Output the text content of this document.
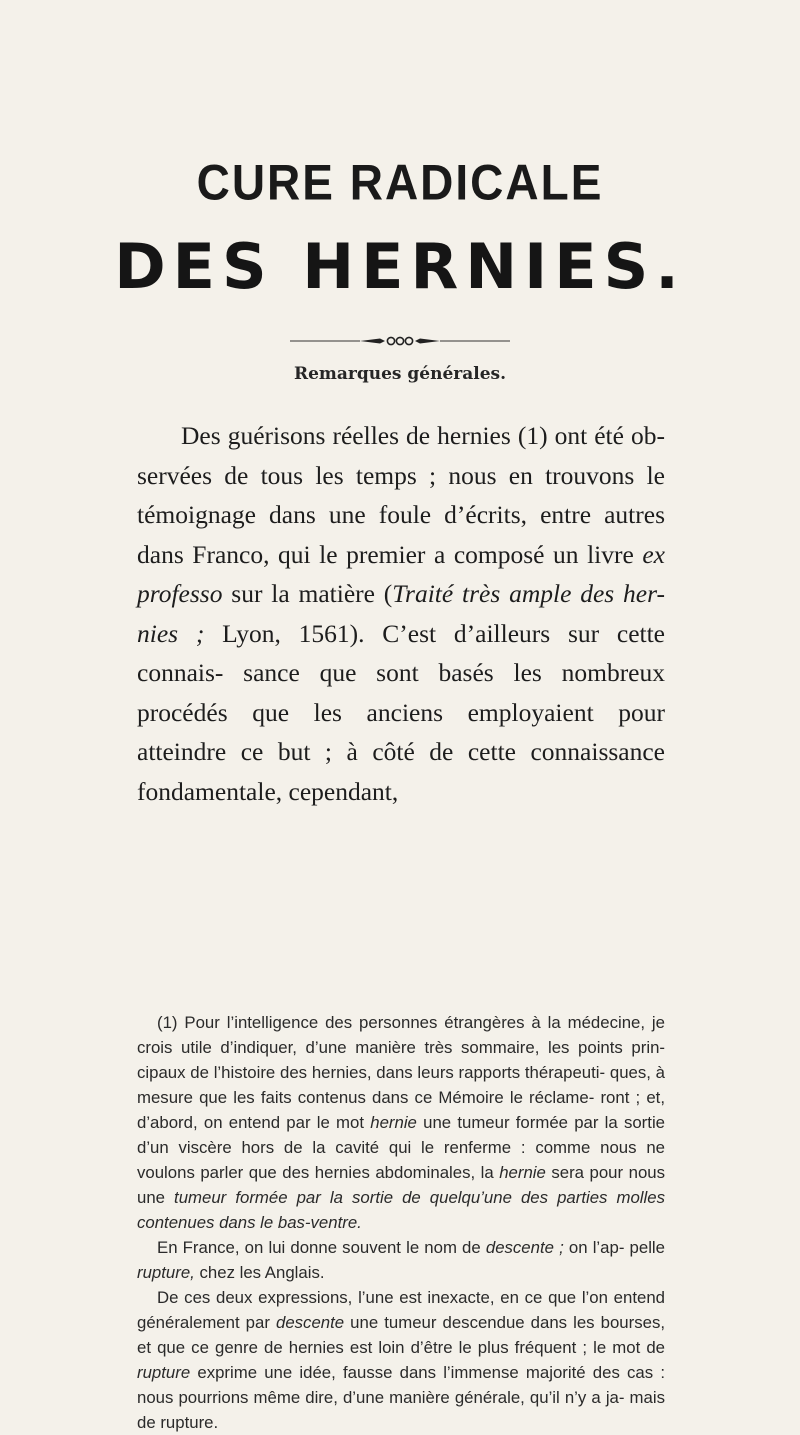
CURE RADICALE
DES HERNIES.
Remarques générales.

Des guérisons réelles de hernies (1) ont été ob- servées de tous les temps ; nous en trouvons le témoignage dans une foule d’écrits, entre autres dans Franco, qui le premier a composé un livre ex professo sur la matière (Traité très ample des her- nies ; Lyon, 1561). C’est d’ailleurs sur cette connais- sance que sont basés les nombreux procédés que les anciens employaient pour atteindre ce but ; à côté de cette connaissance fondamentale, cependant,

(1) Pour l’intelligence des personnes étrangères à la médecine, je crois utile d’indiquer, d’une manière très sommaire, les points prin- cipaux de l’histoire des hernies, dans leurs rapports thérapeuti- ques, à mesure que les faits contenus dans ce Mémoire le réclame- ront ; et, d’abord, on entend par le mot hernie une tumeur formée par la sortie d’un viscère hors de la cavité qui le renferme : comme nous ne voulons parler que des hernies abdominales, la hernie sera pour nous une tumeur formée par la sortie de quelqu’une des parties molles contenues dans le bas-ventre.

En France, on lui donne souvent le nom de descente ; on l’ap- pelle rupture, chez les Anglais.

De ces deux expressions, l’une est inexacte, en ce que l’on entend généralement par descente une tumeur descendue dans les bourses, et que ce genre de hernies est loin d’être le plus fréquent ; le mot de rupture exprime une idée, fausse dans l’immense majorité des cas : nous pourrions même dire, d’une manière générale, qu’il n’y a ja- mais de rupture.
